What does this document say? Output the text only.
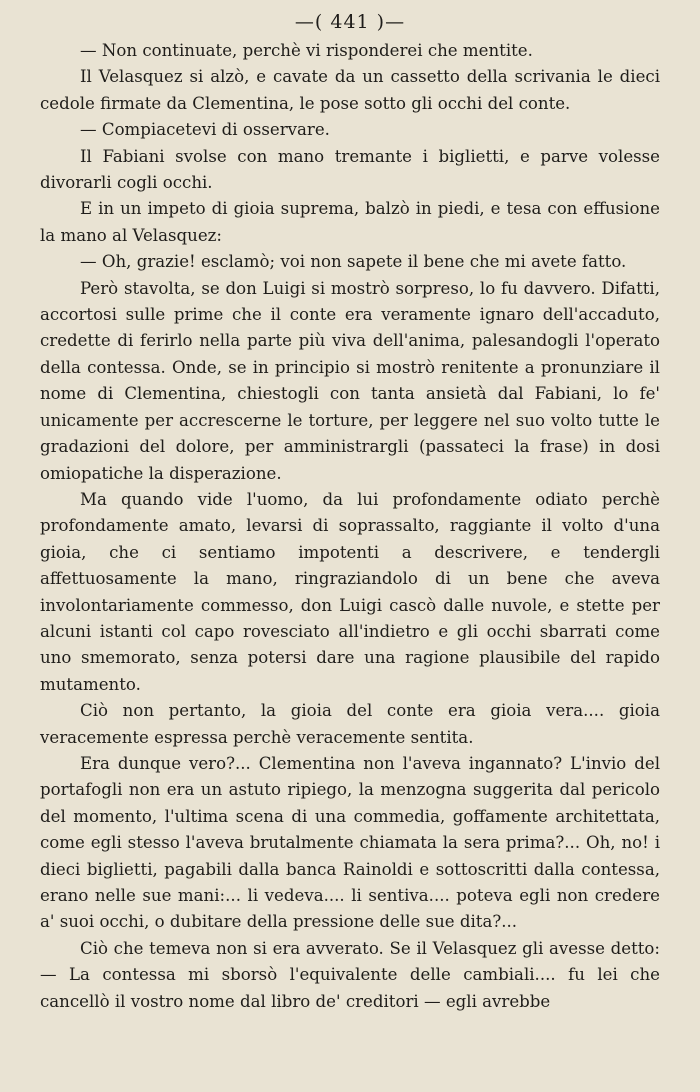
—( 441 )—

— Non continuate, perchè vi risponderei che mentite.

Il Velasquez si alzò, e cavate da un cassetto della scrivania le dieci cedole firmate da Clementina, le pose sotto gli occhi del conte.

— Compiacetevi di osservare.

Il Fabiani svolse con mano tremante i biglietti, e parve volesse divorarli cogli occhi.

E in un impeto di gioia suprema, balzò in piedi, e tesa con effusione la mano al Velasquez:

— Oh, grazie! esclamò; voi non sapete il bene che mi avete fatto.

Però stavolta, se don Luigi si mostrò sorpreso, lo fu davvero. Difatti, accortosi sulle prime che il conte era veramente ignaro dell'accaduto, credette di ferirlo nella parte più viva dell'anima, palesandogli l'operato della contessa. Onde, se in principio si mostrò renitente a pronunziare il nome di Clementina, chiestogli con tanta ansietà dal Fabiani, lo fe' unicamente per accrescerne le torture, per leggere nel suo volto tutte le gradazioni del dolore, per amministrargli (passateci la frase) in dosi omiopatiche la disperazione.

Ma quando vide l'uomo, da lui profondamente odiato perchè profondamente amato, levarsi di soprassalto, raggiante il volto d'una gioia, che ci sentiamo impotenti a descrivere, e tendergli affettuosamente la mano, ringraziandolo di un bene che aveva involontariamente commesso, don Luigi cascò dalle nuvole, e stette per alcuni istanti col capo rovesciato all'indietro e gli occhi sbarrati come uno smemorato, senza potersi dare una ragione plausibile del rapido mutamento.

Ciò non pertanto, la gioia del conte era gioia vera.... gioia veracemente espressa perchè veracemente sentita.

Era dunque vero?... Clementina non l'aveva ingannato? L'invio del portafogli non era un astuto ripiego, la menzogna suggerita dal pericolo del momento, l'ultima scena di una commedia, goffamente architettata, come egli stesso l'aveva brutalmente chiamata la sera prima?... Oh, no! i dieci biglietti, pagabili dalla banca Rainoldi e sottoscritti dalla contessa, erano nelle sue mani:... li vedeva.... li sentiva.... poteva egli non credere a' suoi occhi, o dubitare della pressione delle sue dita?...

Ciò che temeva non si era avverato. Se il Velasquez gli avesse detto: — La contessa mi sborsò l'equivalente delle cambiali.... fu lei che cancellò il vostro nome dal libro de' creditori — egli avrebbe
